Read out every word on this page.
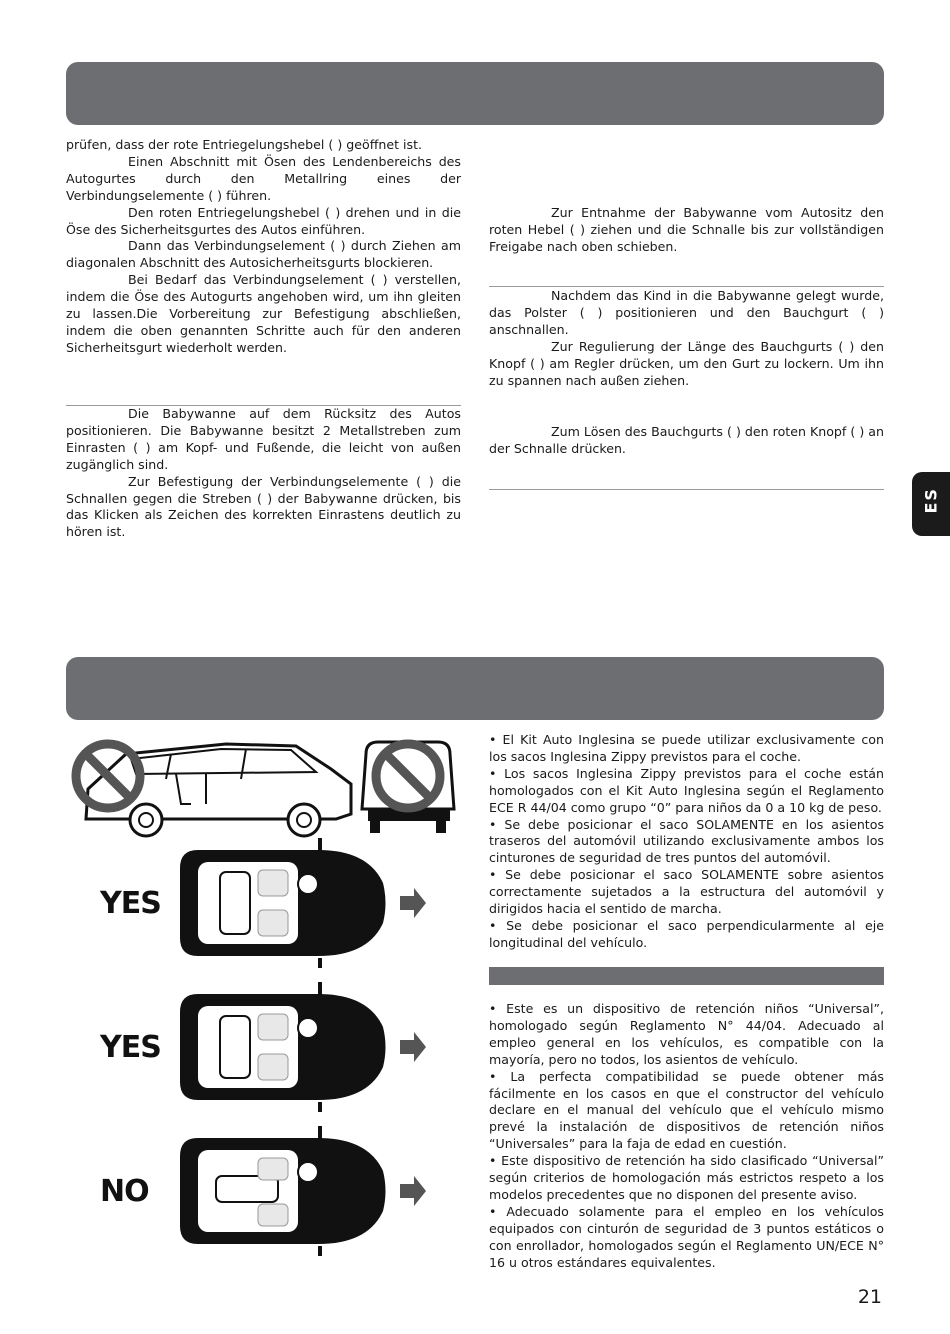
prüfen, dass der rote Entriegelungshebel ( ) geöffnet ist.

Einen Abschnitt mit Ösen des Lendenbereichs des Autogurtes durch den Metallring eines der Verbindungselemente ( ) führen.

Den roten Entriegelungshebel ( ) drehen und in die Öse des Sicherheitsgurtes des Autos einführen.

Dann das Verbindungselement ( ) durch Ziehen am diagonalen Abschnitt des Autosicherheitsgurts blockieren.

Bei Bedarf das Verbindungselement ( ) verstellen, indem die Öse des Autogurts angehoben wird, um ihn gleiten zu lassen.Die Vorbereitung zur Befestigung abschließen, indem die oben genannten Schritte auch für den anderen Sicherheitsgurt wiederholt werden.

Die Babywanne auf dem Rücksitz des Autos positionieren. Die Babywanne besitzt 2 Metallstreben zum Einrasten ( ) am Kopf- und Fußende, die leicht von außen zugänglich sind.

Zur Befestigung der Verbindungselemente ( ) die Schnallen gegen die Streben ( ) der Babywanne drücken, bis das Klicken als Zeichen des korrekten Einrastens deutlich zu hören ist.

Zur Entnahme der Babywanne vom Autositz den roten Hebel ( ) ziehen und die Schnalle bis zur vollständigen Freigabe nach oben schieben.

Nachdem das Kind in die Babywanne gelegt wurde, das Polster ( ) positionieren und den Bauchgurt ( ) anschnallen.

Zur Regulierung der Länge des Bauchgurts ( ) den Knopf ( ) am Regler drücken, um den Gurt zu lockern. Um ihn zu spannen nach außen ziehen.

Zum Lösen des Bauchgurts ( ) den roten Knopf ( ) an der Schnalle drücken.

ES

• El Kit Auto Inglesina se puede utilizar exclusivamente con los sacos Inglesina Zippy previstos para el coche.

• Los sacos Inglesina Zippy previstos para el coche están homologados con el Kit Auto Inglesina según el Reglamento ECE R 44/04 como grupo “0” para niños da 0 a 10 kg de peso.

• Se debe posicionar el saco SOLAMENTE en los asientos traseros del automóvil utilizando exclusivamente ambos los cinturones de seguridad de tres puntos del automóvil.

• Se debe posicionar el saco SOLAMENTE sobre asientos correctamente sujetados a la estructura del automóvil y dirigidos hacia el sentido de marcha.

• Se debe posicionar el saco perpendicularmente al eje longitudinal del vehículo.

• Este es un dispositivo de retención niños “Universal”, homologado según Reglamento N° 44/04. Adecuado al empleo general en los vehículos, es compatible con la mayoría, pero no todos, los asientos de vehículo.

• La perfecta compatibilidad se puede obtener más fácilmente en los casos en que el constructor del vehículo declare en el manual del vehículo que el vehículo mismo prevé la instalación de dispositivos de retención niños “Universales” para la faja de edad en cuestión.

• Este dispositivo de retención ha sido clasificado “Universal” según criterios de homologación más estrictos respeto a los modelos precedentes que no disponen del presente aviso.

• Adecuado solamente para el empleo en los vehículos equipados con cinturón de seguridad de 3 puntos estáticos o con enrollador, homologados según el Reglamento UN/ECE N° 16 u otros estándares equivalentes.

YES
YES
NO
21
